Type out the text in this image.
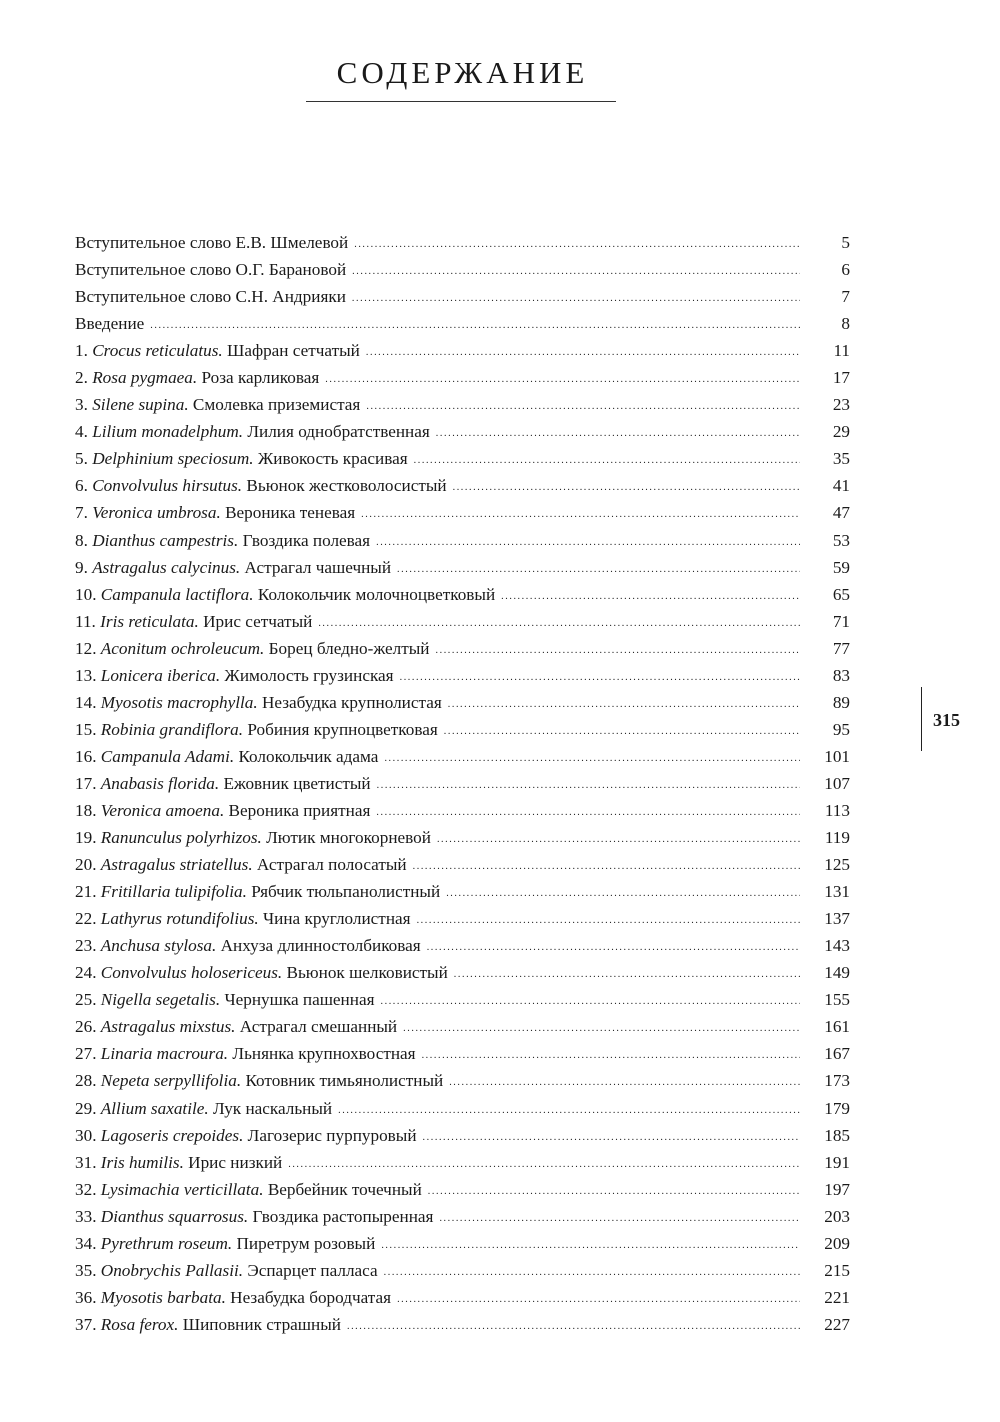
СОДЕРЖАНИЕ
Вступительное слово Е.В. Шмелевой .....	5
Вступительное слово О.Г. Барановой .....	6
Вступительное слово С.Н. Андрияки .....	7
Введение .....	8
1. Crocus reticulatus. Шафран сетчатый .....	11
2. Rosa pygmaea. Роза карликовая .....	17
3. Silene supina. Смолевка приземистая .....	23
4. Lilium monadelphum. Лилия однобратственная .....	29
5. Delphinium speciosum. Живокость красивая .....	35
6. Convolvulus hirsutus. Вьюнок жестковолосистый .....	41
7. Veronica umbrosa. Вероника теневая .....	47
8. Dianthus campestris. Гвоздика полевая .....	53
9. Astragalus calycinus. Астрагал чашечный .....	59
10. Campanula lactiflora. Колокольчик молочноцветковый .....	65
11. Iris reticulata. Ирис сетчатый .....	71
12. Aconitum ochroleucum. Борец бледно-желтый .....	77
13. Lonicera iberica. Жимолость грузинская .....	83
14. Myosotis macrophylla. Незабудка крупнолистая .....	89
15. Robinia grandiflora. Робиния крупноцветковая .....	95
16. Campanula Adami. Колокольчик адама .....	101
17. Anabasis florida. Ежовник цветистый .....	107
18. Veronica amoena. Вероника приятная .....	113
19. Ranunculus polyrhizos. Лютик многокорневой .....	119
20. Astragalus striatellus. Астрагал полосатый .....	125
21. Fritillaria tulipifolia. Рябчик тюльпанолистный .....	131
22. Lathyrus rotundifolius. Чина круглолистная .....	137
23. Anchusa stylosa. Анхуза длинностолбиковая .....	143
24. Convolvulus holosericeus. Вьюнок шелковистый .....	149
25. Nigella segetalis. Чернушка пашенная .....	155
26. Astragalus mixstus. Астрагал смешанный .....	161
27. Linaria macroura. Льнянка крупнохвостная .....	167
28. Nepeta serpyllifolia. Котовник тимьянолистный .....	173
29. Allium saxatile. Лук наскальный .....	179
30. Lagoseris crepoides. Лагозерис пурпуровый .....	185
31. Iris humilis. Ирис низкий .....	191
32. Lysimachia verticillata. Вербейник точечный .....	197
33. Dianthus squarrosus. Гвоздика растопыренная .....	203
34. Pyrethrum roseum. Пиретрум розовый .....	209
35. Onobrychis Pallasii. Эспарцет палласа .....	215
36. Myosotis barbata. Незабудка бородчатая .....	221
37. Rosa ferox. Шиповник страшный .....	227
315
